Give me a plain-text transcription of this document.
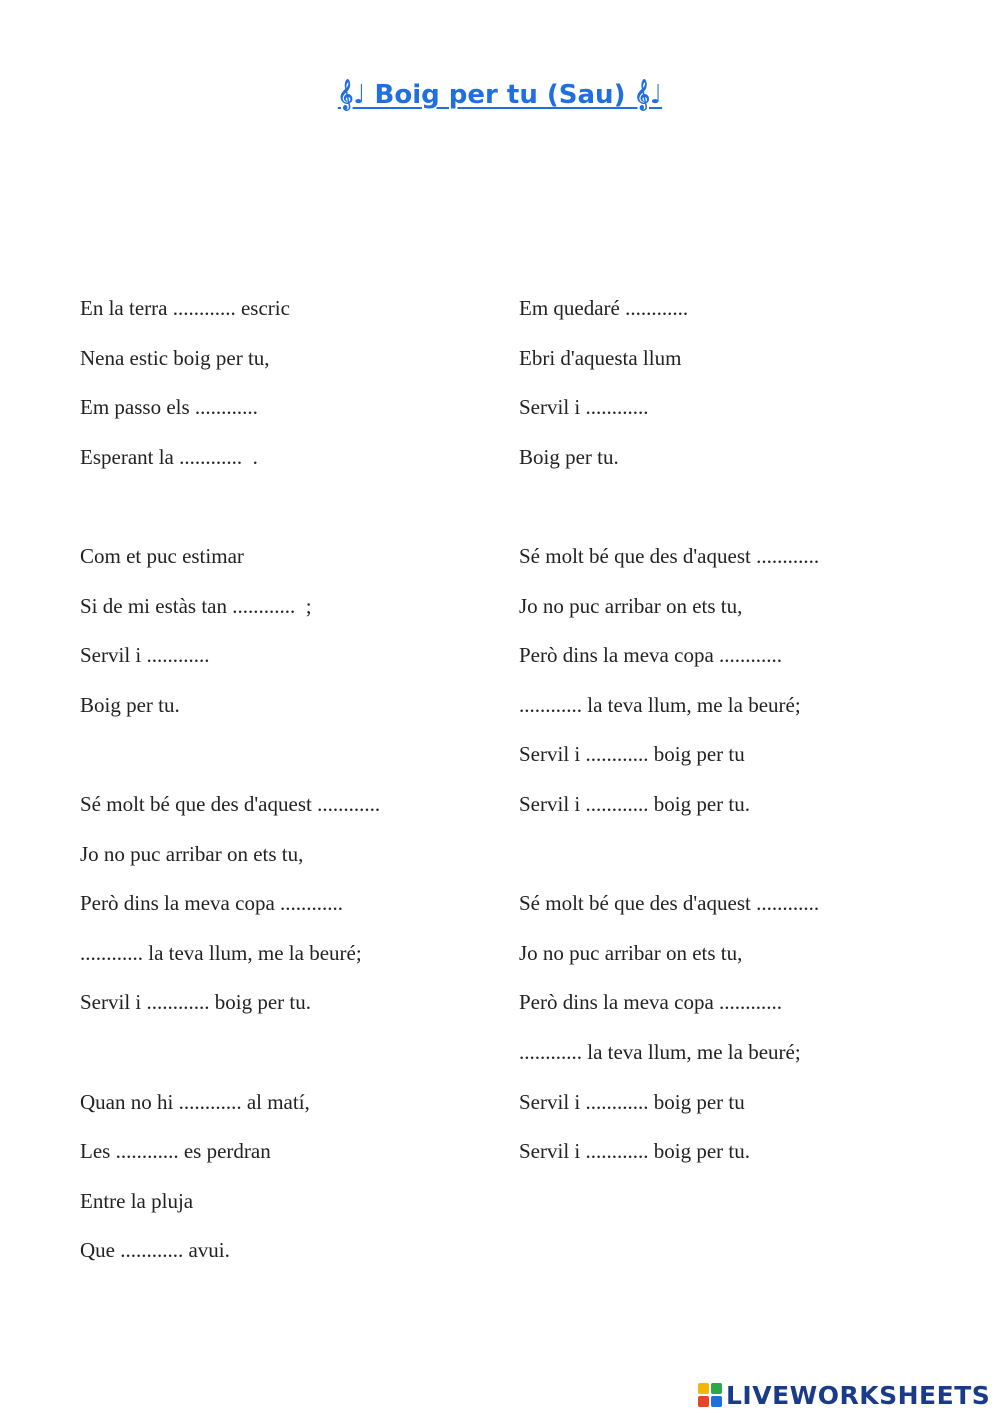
𝄞♩ Boig per tu (Sau) 𝄞♩
En la terra ............ escric
Nena estic boig per tu,
Em passo els ............
Esperant la ............  .
Com et puc estimar
Si de mi estàs tan ............  ;
Servil i ............
Boig per tu.
Sé molt bé que des d'aquest ............
Jo no puc arribar on ets tu,
Però dins la meva copa ............
............ la teva llum, me la beuré;
Servil i ............ boig per tu.
Quan no hi ............ al matí,
Les ............ es perdran
Entre la pluja
Que ............ avui.
Em quedaré ............
Ebri d'aquesta llum
Servil i ............
Boig per tu.
Sé molt bé que des d'aquest ............
Jo no puc arribar on ets tu,
Però dins la meva copa ............
............ la teva llum, me la beuré;
Servil i ............ boig per tu
Servil i ............ boig per tu.
Sé molt bé que des d'aquest ............
Jo no puc arribar on ets tu,
Però dins la meva copa ............
............ la teva llum, me la beuré;
Servil i ............ boig per tu
Servil i ............ boig per tu.
LIVEWORKSHEETS
